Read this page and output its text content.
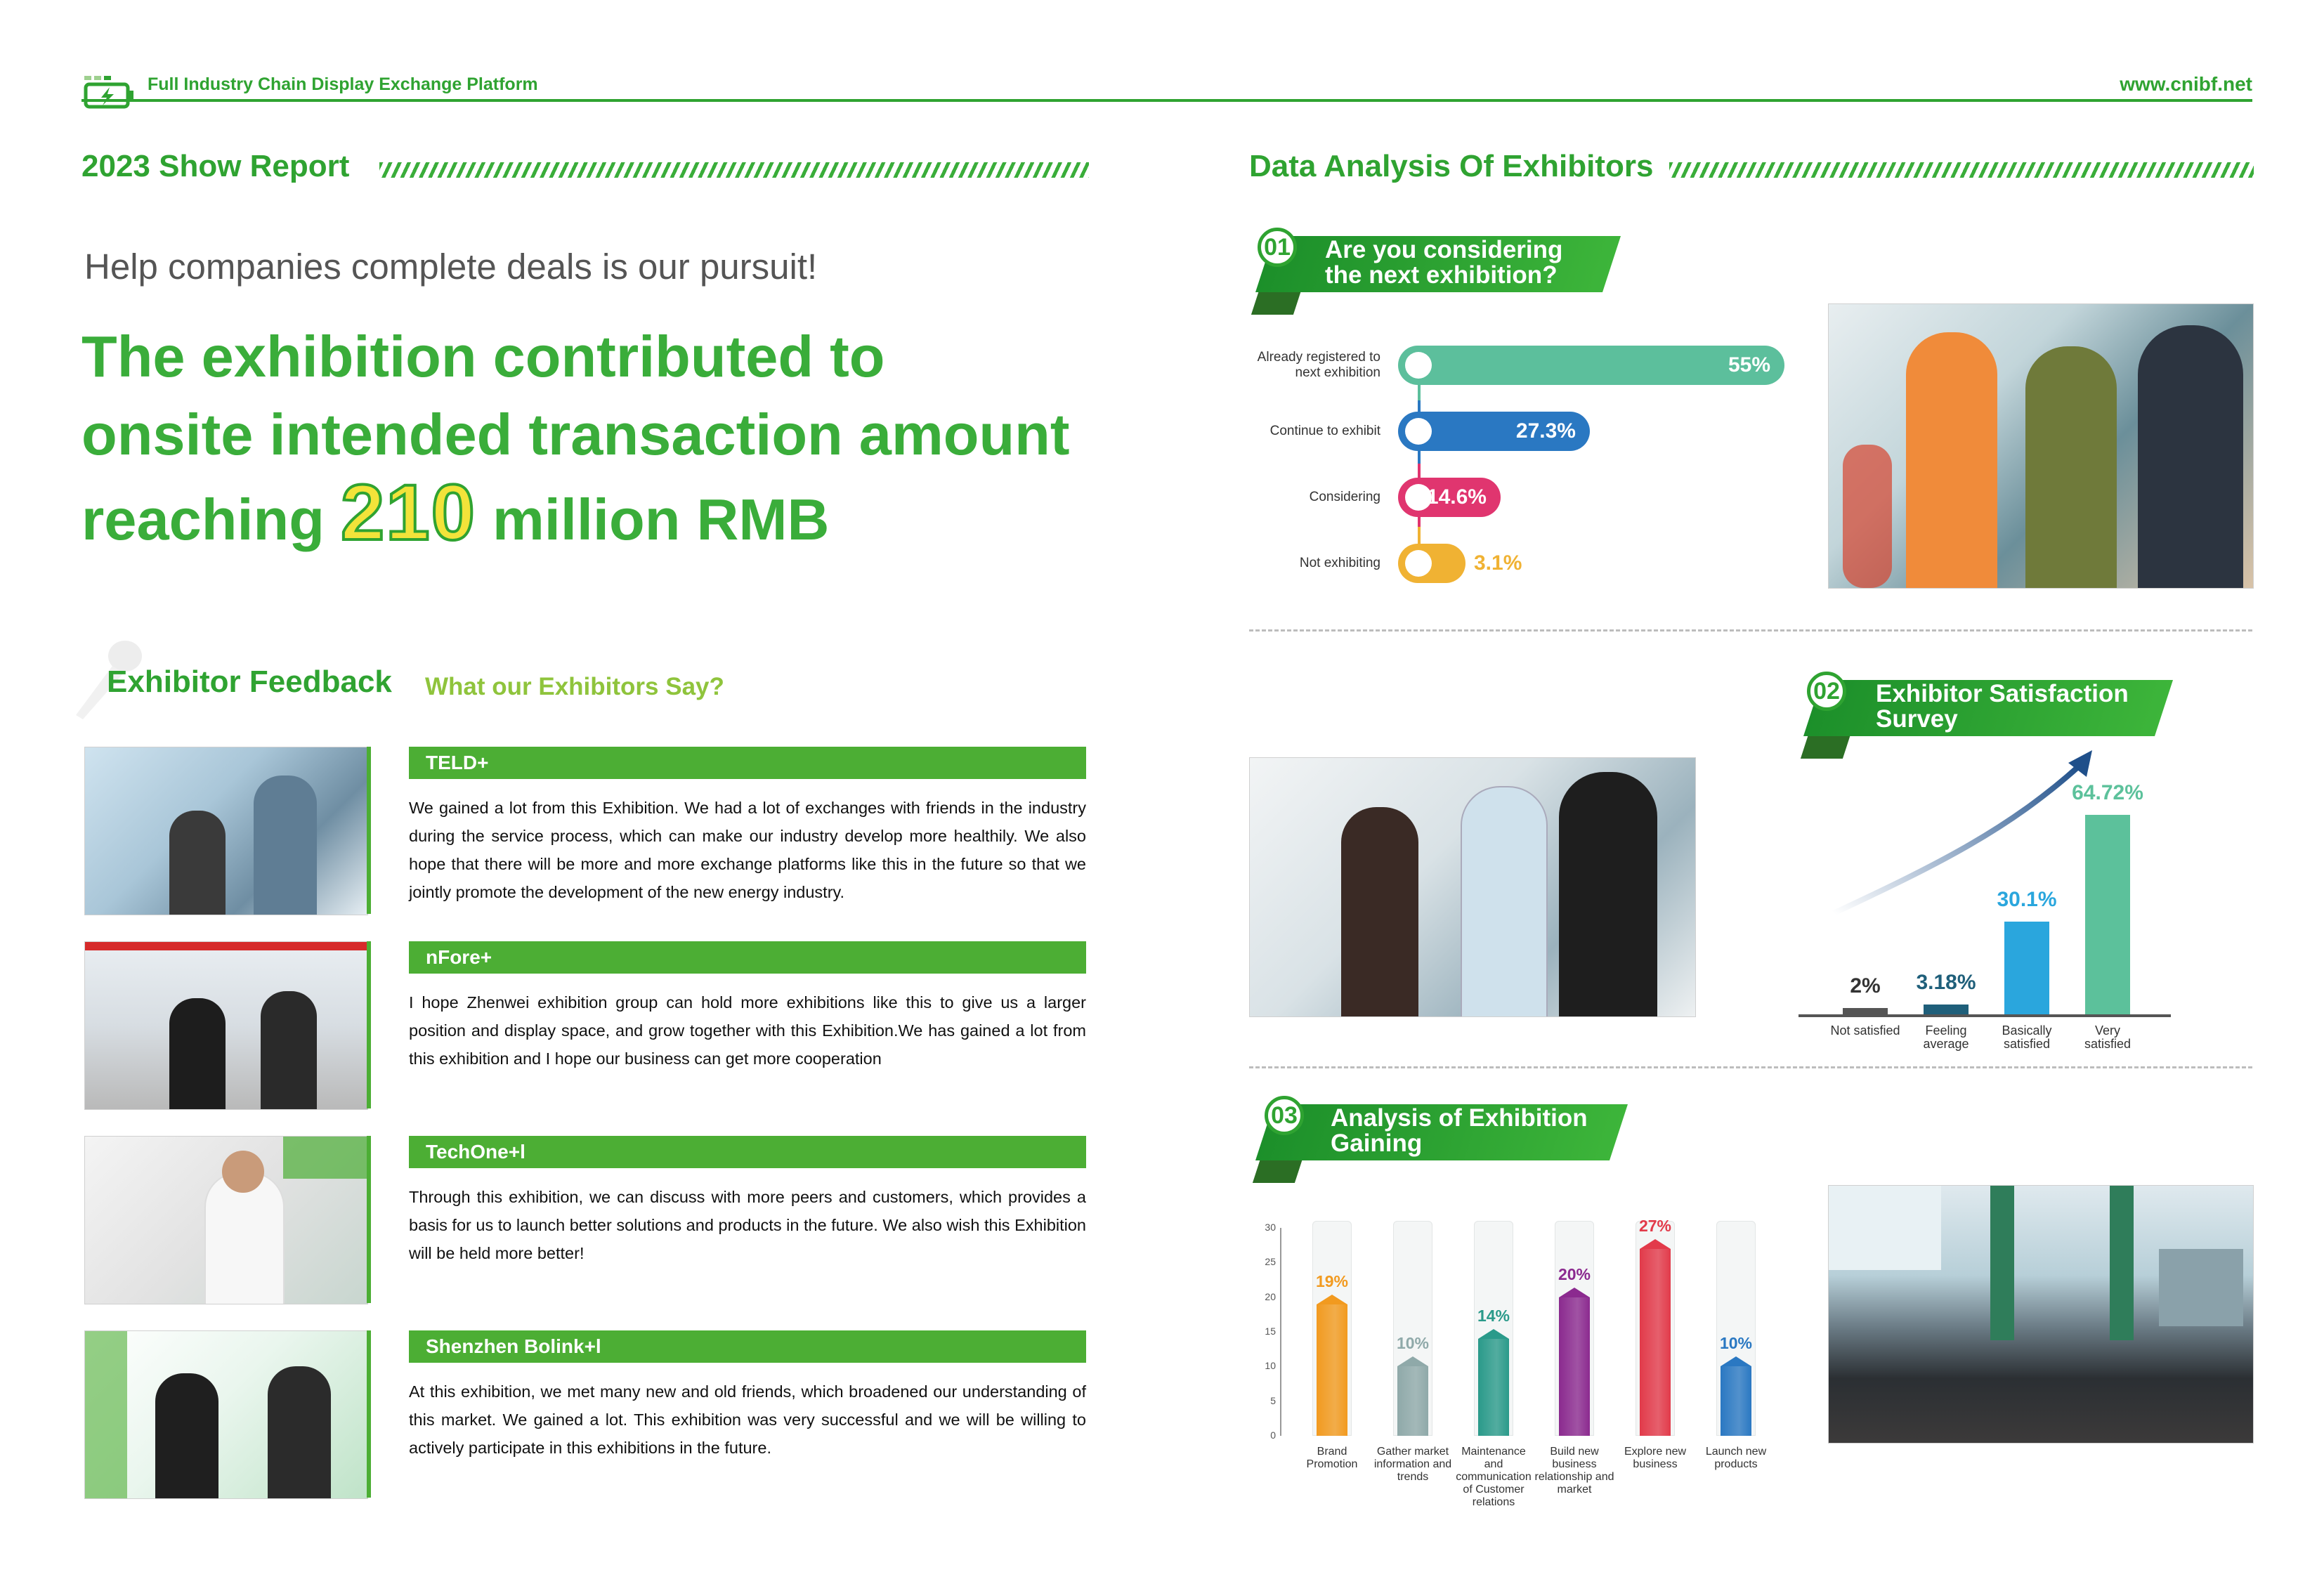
Full Industry Chain Display Exchange Platform	www.cnibf.net
2023 Show Report
Help companies complete deals is our pursuit!
The exhibition contributed to
onsite intended transaction amount
reaching 210 million RMB
Exhibitor Feedback What our Exhibitors Say?
TELD+
We gained a lot from this Exhibition. We had a lot of exchanges with friends in the industry during the service process, which can make our industry develop more healthily. We also hope that there will be more and more exchange platforms like this in the future so that we jointly promote the development of the new energy industry.
nFore+
I hope Zhenwei exhibition group can hold more exhibitions like this to give us a larger position and display space, and grow together with this Exhibition.We has gained a lot from this exhibition and I hope our business can get more cooperation
TechOne+l
Through this exhibition, we can discuss with more peers and customers, which provides a basis for us to launch better solutions and products in the future. We also wish this Exhibition will be held more better!
Shenzhen Bolink+l
At this exhibition, we met many new and old friends, which broadened our understanding of this market. We gained a lot. This exhibition was very successful and we will be willing to actively participate in this exhibitions in the future.
Data Analysis Of Exhibitors
01 Are you considering
the next exhibition?
Already registered to next exhibition	55%
Continue to exhibit	27.3%
Considering	14.6%
Not exhibiting	3.1%
02 Exhibitor Satisfaction
Survey
2%
Not satisfied
3.18%
Feeling average
30.1%
Basically satisfied
64.72%
Very satisfied
03 Analysis of Exhibition
Gaining
30
25
20
15
10
5
0
19%
Brand Promotion
10%
Gather market information and trends
14%
Maintenance and communication of Customer relations
20%
Build new business relationship and market
27%
Explore new business
10%
Launch new products
